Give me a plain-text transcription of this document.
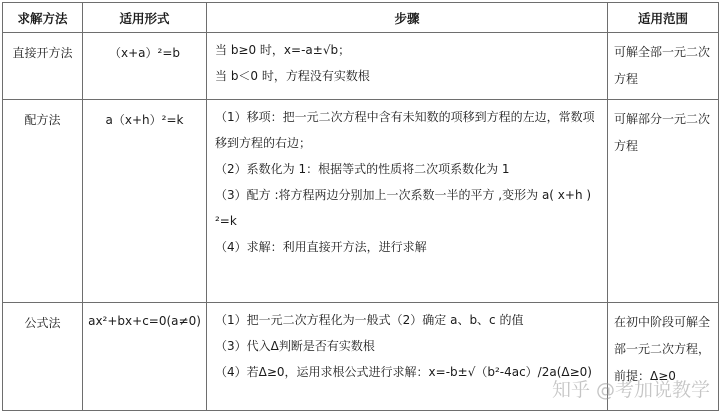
求解方法	适用形式	步骤	适用范围
直接开方法	（x+a）²=b	当 b≥0 时，x=-a±√b；
当 b＜0 时，方程没有实数根	可解全部一元二次方程
配方法	a（x+h）²=k	（1）移项：把一元二次方程中含有未知数的项移到方程的左边，常数项移到方程的右边；
（2）系数化为 1：根据等式的性质将二次项系数化为 1
（3）配方 :将方程两边分别加上一次系数一半的平方 ,变形为 a( x+h ) ²=k
（4）求解：利用直接开方法，进行求解	可解部分一元二次方程
公式法	ax²+bx+c=0(a≠0)	（1）把一元二次方程化为一般式（2）确定 a、b、c 的值
（3）代入Δ判断是否有实数根
（4）若Δ≥0，运用求根公式进行求解：x=-b±√（b²-4ac）/2a(Δ≥0)	在初中阶段可解全部一元二次方程，前提：Δ≥0
知乎 @考加说教学
